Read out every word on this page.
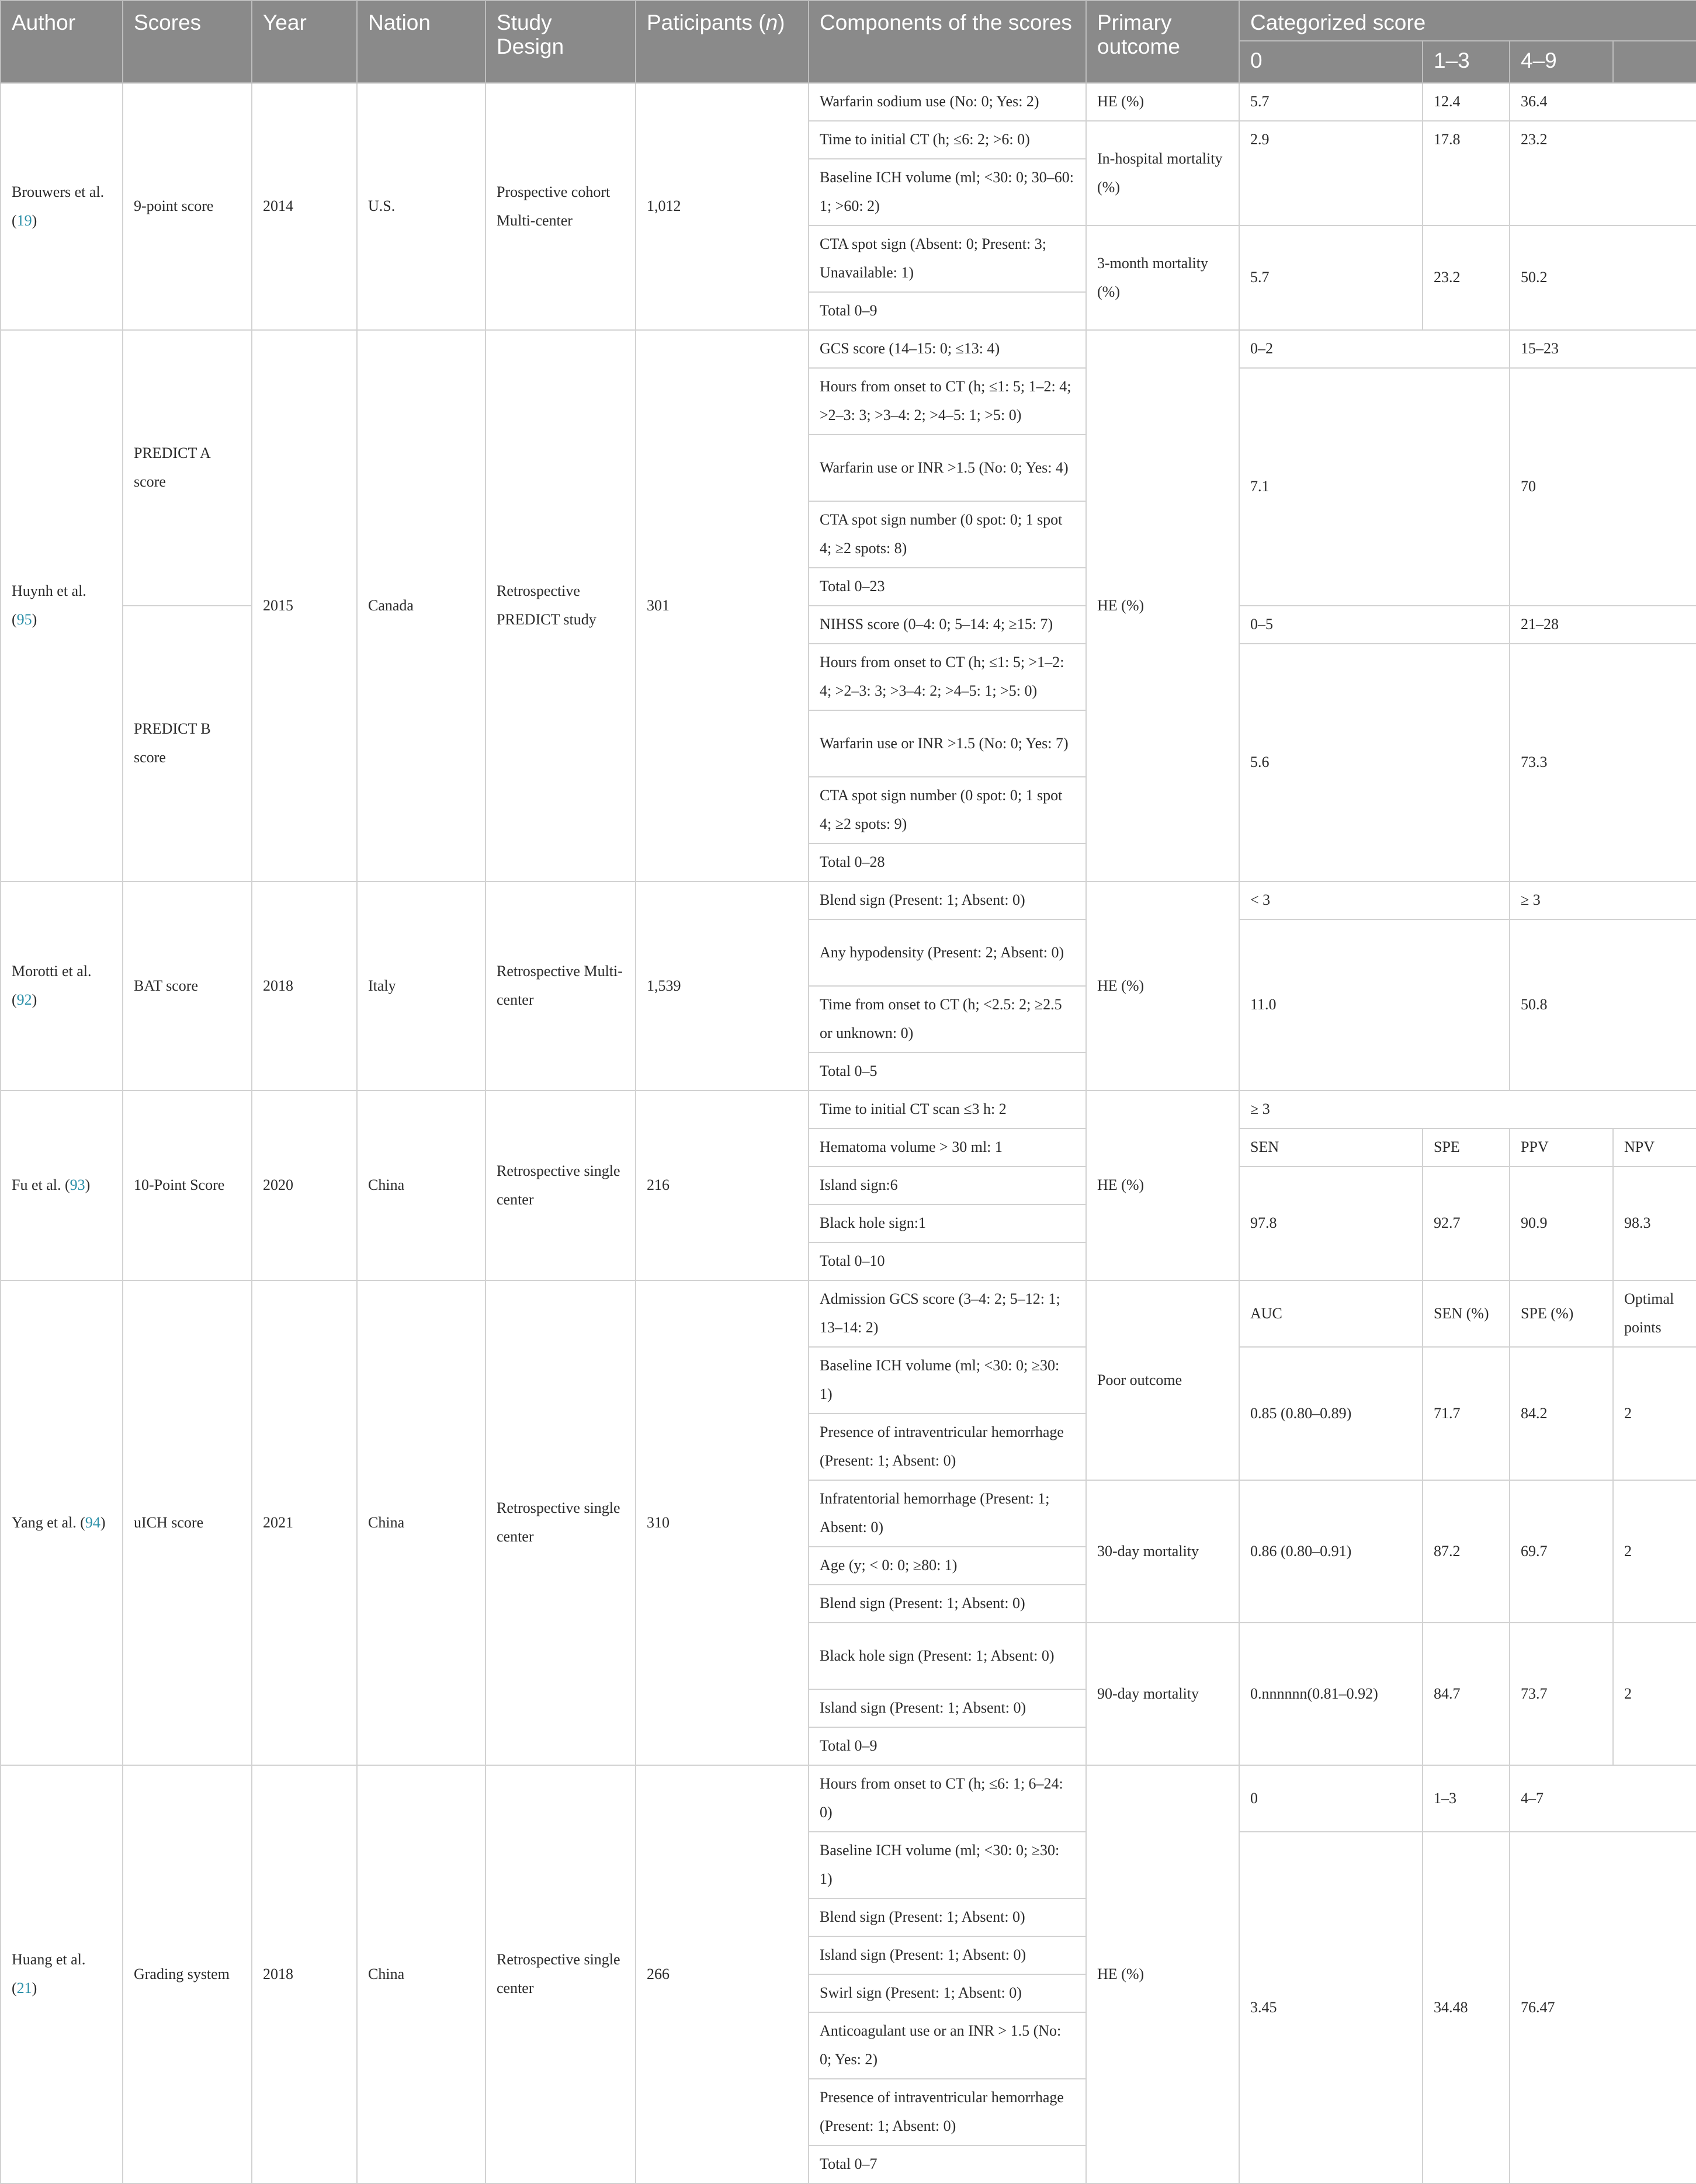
Author	Scores	Year	Nation	Study Design	Paticipants (n)	Components of the scores	Primary outcome	Categorized score			
								0	1–3	4–9	
Brouwers et al. (19)	9-point score	2014	U.S.	Prospective cohort Multi-center	1,012	Warfarin sodium use (No: 0; Yes: 2)	HE (%)	5.7	12.4	36.4	
						Time to initial CT (h; ≤6: 2; ˃6: 0)	In-hospital mortality (%)	2.9	17.8	23.2	
						Baseline ICH volume (ml; <30: 0; 30–60: 1; ˃60: 2)					
						CTA spot sign (Absent: 0; Present: 3; Unavailable: 1)	3-month mortality (%)	5.7	23.2	50.2	
						Total 0–9					
Huynh et al. (95)	PREDICT A score	2015	Canada	Retrospective PREDICT study	301	GCS score (14–15: 0; ≤13: 4)	HE (%)	0–2		15–23	
						Hours from onset to CT (h; ≤1: 5; 1–2: 4; ˃2–3: 3; ˃3–4: 2; ˃4–5: 1; ˃5: 0)		7.1		70	
						Warfarin use or INR >1.5 (No: 0; Yes: 4)					
						CTA spot sign number (0 spot: 0; 1 spot 4; ≥2 spots: 8)					
						Total 0–23					
	PREDICT B score					NIHSS score (0–4: 0; 5–14: 4; ≥15: 7)		0–5		21–28	
						Hours from onset to CT (h; ≤1: 5; ˃1–2: 4; ˃2–3: 3; ˃3–4: 2; ˃4–5: 1; ˃5: 0)		5.6		73.3	
						Warfarin use or INR >1.5 (No: 0; Yes: 7)					
						CTA spot sign number (0 spot: 0; 1 spot 4; ≥2 spots: 9)					
						Total 0–28					
Morotti et al. (92)	BAT score	2018	Italy	Retrospective Multi-center	1,539	Blend sign (Present: 1; Absent: 0)	HE (%)	< 3		≥ 3	
						Any hypodensity (Present: 2; Absent: 0)		11.0		50.8	
						Time from onset to CT (h; <2.5: 2; ≥2.5 or unknown: 0)					
						Total 0–5					
Fu et al. (93)	10-Point Score	2020	China	Retrospective single center	216	Time to initial CT scan ≤3 h: 2	HE (%)	≥ 3			
						Hematoma volume > 30 ml: 1		SEN	SPE	PPV	NPV
						Island sign:6		97.8	92.7	90.9	98.3
						Black hole sign:1					
						Total 0–10					
Yang et al. (94)	uICH score	2021	China	Retrospective single center	310	Admission GCS score (3–4: 2; 5–12: 1; 13–14: 2)	Poor outcome	AUC	SEN (%)	SPE (%)	Optimal points
						Baseline ICH volume (ml; <30: 0; ≥30: 1)		0.85 (0.80–0.89)	71.7	84.2	2
						Presence of intraventricular hemorrhage (Present: 1; Absent: 0)					
						Infratentorial hemorrhage (Present: 1; Absent: 0)	30-day mortality	0.86 (0.80–0.91)	87.2	69.7	2
						Age (y; < 0: 0; ≥80: 1)					
						Blend sign (Present: 1; Absent: 0)					
						Black hole sign (Present: 1; Absent: 0)	90-day mortality	0.nnnnnn(0.81–0.92)	84.7	73.7	2
						Island sign (Present: 1; Absent: 0)					
						Total 0–9					
Huang et al. (21)	Grading system	2018	China	Retrospective single center	266	Hours from onset to CT (h; ≤6: 1; 6–24: 0)	HE (%)	0	1–3	4–7	
						Baseline ICH volume (ml; <30: 0; ≥30: 1)		3.45	34.48	76.47	
						Blend sign (Present: 1; Absent: 0)					
						Island sign (Present: 1; Absent: 0)					
						Swirl sign (Present: 1; Absent: 0)					
						Anticoagulant use or an INR > 1.5 (No: 0; Yes: 2)					
						Presence of intraventricular hemorrhage (Present: 1; Absent: 0)					
						Total 0–7					
